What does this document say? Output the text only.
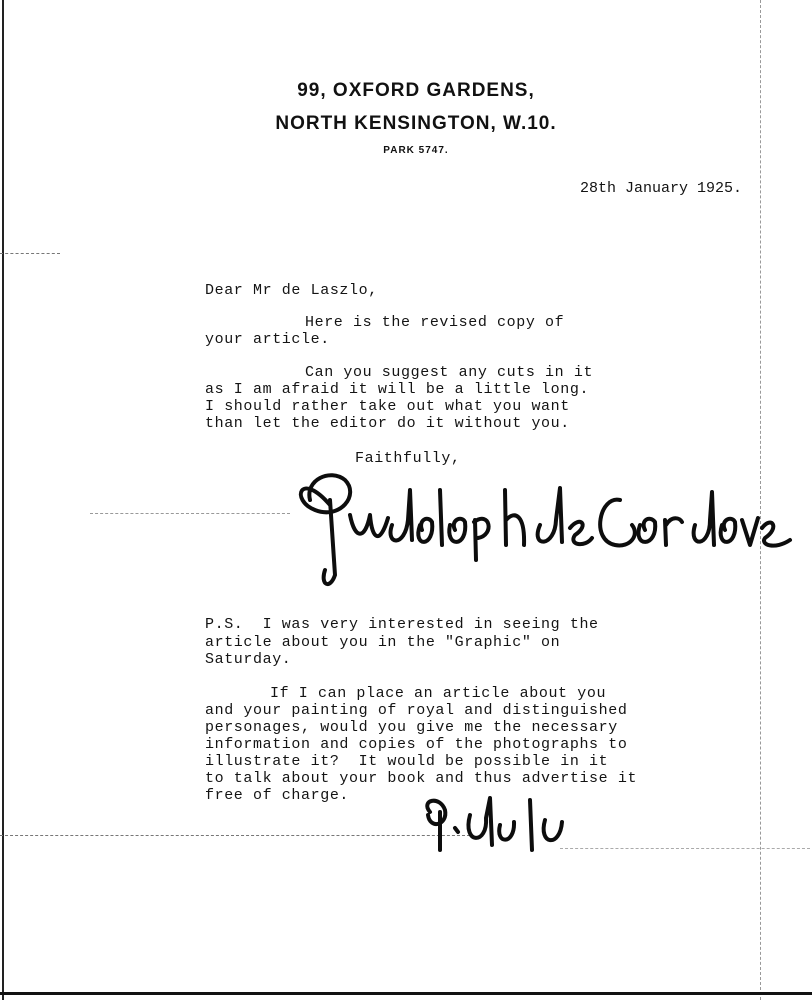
99, OXFORD GARDENS,
NORTH KENSINGTON, W.10.
PARK 5747.
28th January 1925.
Dear Mr de Laszlo,
Here is the revised copy of
your article.
Can you suggest any cuts in it
as I am afraid it will be a little long.
I should rather take out what you want
than let the editor do it without you.
Faithfully,
P.S.  I was very interested in seeing the
article about you in the "Graphic" on
Saturday.
If I can place an article about you
and your painting of royal and distinguished
personages, would you give me the necessary
information and copies of the photographs to
illustrate it?  It would be possible in it
to talk about your book and thus advertise it
free of charge.
